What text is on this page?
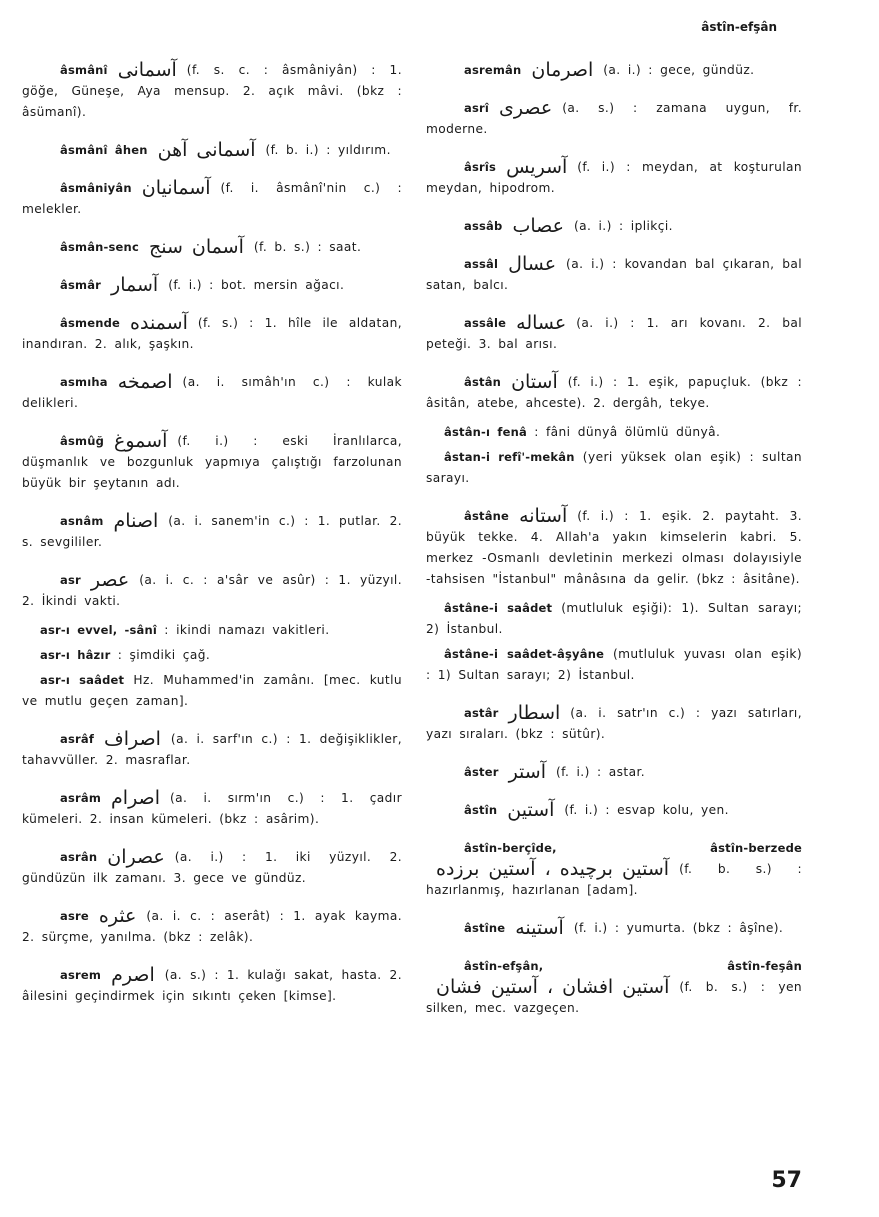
âstîn-efşân
âsmânî آسمانی (f. s. c. : âsmâniyân) : 1. göğe, Güneşe, Aya mensup. 2. açık mâvi. (bkz : âsümanî).
âsmânî âhen آسمانی آهن (f. b. i.) : yıldırım.
âsmâniyân آسمانیان (f. i. âsmânî'nin c.) : melekler.
âsmân-senc آسمان سنج (f. b. s.) : saat.
âsmâr آسمار (f. i.) : bot. mersin ağacı.
âsmende آسمنده (f. s.) : 1. hîle ile aldatan, inandıran. 2. alık, şaşkın.
asmıha اصمخه (a. i. sımâh'ın c.) : kulak delikleri.
âsmûğ آسموغ (f. i.) : eski İranlılarca, düşmanlık ve bozgunluk yapmıya çalıştığı farzolunan büyük bir şeytanın adı.
asnâm اصنام (a. i. sanem'in c.) : 1. putlar. 2. s. sevgililer.
asr عصر (a. i. c. : a'sâr ve asûr) : 1. yüzyıl. 2. İkindi vakti.
asr-ı evvel, -sânî : ikindi namazı vakitleri.
asr-ı hâzır : şimdiki çağ.
asr-ı saâdet Hz. Muhammed'in zamânı. [mec. kutlu ve mutlu geçen zaman].
asrâf اصراف (a. i. sarf'ın c.) : 1. değişiklikler, tahavvüller. 2. masraflar.
asrâm اصرام (a. i. sırm'ın c.) : 1. çadır kümeleri. 2. insan kümeleri. (bkz : asârim).
asrân عصران (a. i.) : 1. iki yüzyıl. 2. gündüzün ilk zamanı. 3. gece ve gündüz.
asre عثره (a. i. c. : aserât) : 1. ayak kayma. 2. sürçme, yanılma. (bkz : zelâk).
asrem اصرم (a. s.) : 1. kulağı sakat, hasta. 2. âilesini geçindirmek için sıkıntı çeken [kimse].
asremân اصرمان (a. i.) : gece, gündüz.
asrî عصری (a. s.) : zamana uygun, fr. moderne.
âsrîs آسریس (f. i.) : meydan, at koşturulan meydan, hipodrom.
assâb عصاب (a. i.) : iplikçi.
assâl عسال (a. i.) : kovandan bal çıkaran, bal satan, balcı.
assâle عساله (a. i.) : 1. arı kovanı. 2. bal peteği. 3. bal arısı.
âstân آستان (f. i.) : 1. eşik, papuçluk. (bkz : âsitân, atebe, ahceste). 2. dergâh, tekye.
âstân-ı fenâ : fâni dünyâ ölümlü dünyâ.
âstan-i refî'-mekân (yeri yüksek olan eşik) : sultan sarayı.
âstâne آستانه (f. i.) : 1. eşik. 2. paytaht. 3. büyük tekke. 4. Allah'a yakın kimselerin kabri. 5. merkez -Osmanlı devletinin merkezi olması dolayısiyle -tahsisen "İstanbul" mânâsına da gelir. (bkz : âsitâne).
âstâne-i saâdet (mutluluk eşiği): 1). Sultan sarayı; 2) İstanbul.
âstâne-i saâdet-âşyâne (mutluluk yuvası olan eşik) : 1) Sultan sarayı; 2) İstanbul.
astâr اسطار (a. i. satr'ın c.) : yazı satırları, yazı sıraları. (bkz : sütûr).
âster آستر (f. i.) : astar.
âstîn آستین (f. i.) : esvap kolu, yen.
âstîn-berçîde, âstîn-berzedeآستین برچیده ، آستین برزده (f. b. s.) : hazırlanmış, hazırlanan [adam].
âstîne آستینه (f. i.) : yumurta. (bkz : âşîne).
âstîn-efşân, âstîn-feşânآستین افشان ، آستین فشان (f. b. s.) : yen silken, mec. vazgeçen.
57
